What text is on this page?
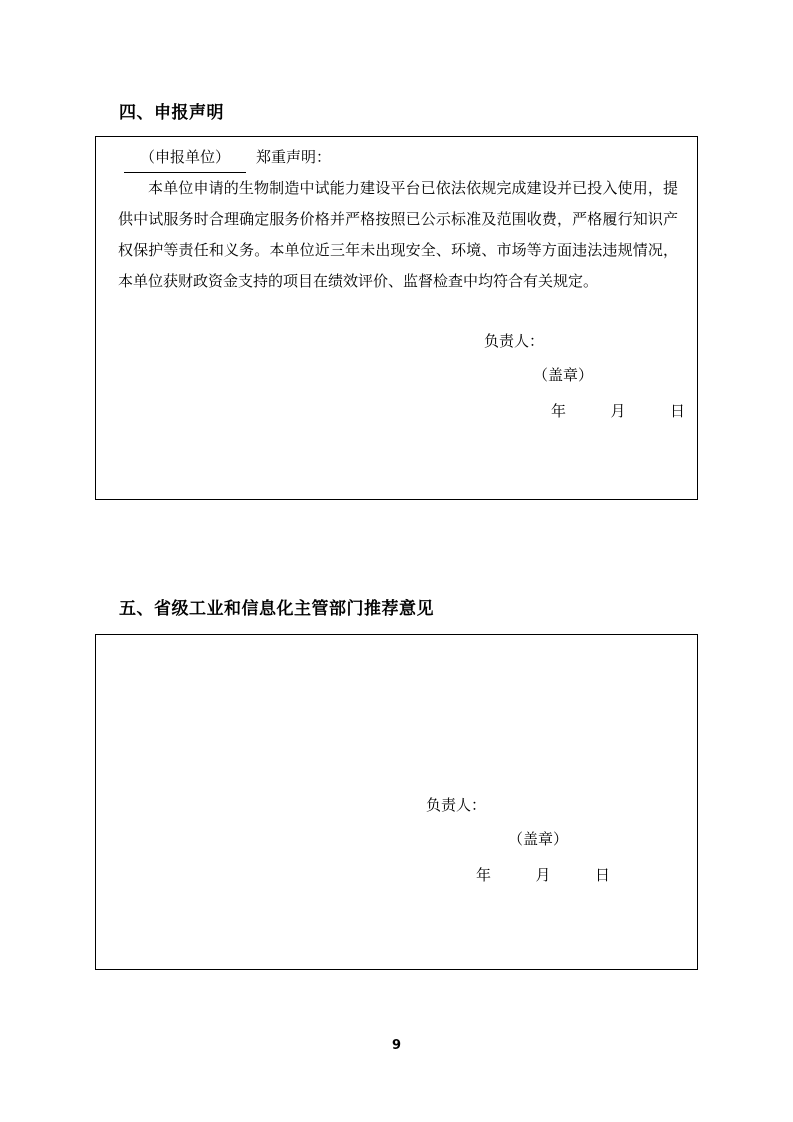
四、申报声明
（申报单位） 郑重声明：
本单位申请的生物制造中试能力建设平台已依法依规完成建设并已投入使用，提供中试服务时合理确定服务价格并严格按照已公示标准及范围收费，严格履行知识产权保护等责任和义务。本单位近三年未出现安全、环境、市场等方面违法违规情况，本单位获财政资金支持的项目在绩效评价、监督检查中均符合有关规定。
负责人：
（盖章）
年	月	日
五、省级工业和信息化主管部门推荐意见
负责人：
（盖章）
年	月	日
9
